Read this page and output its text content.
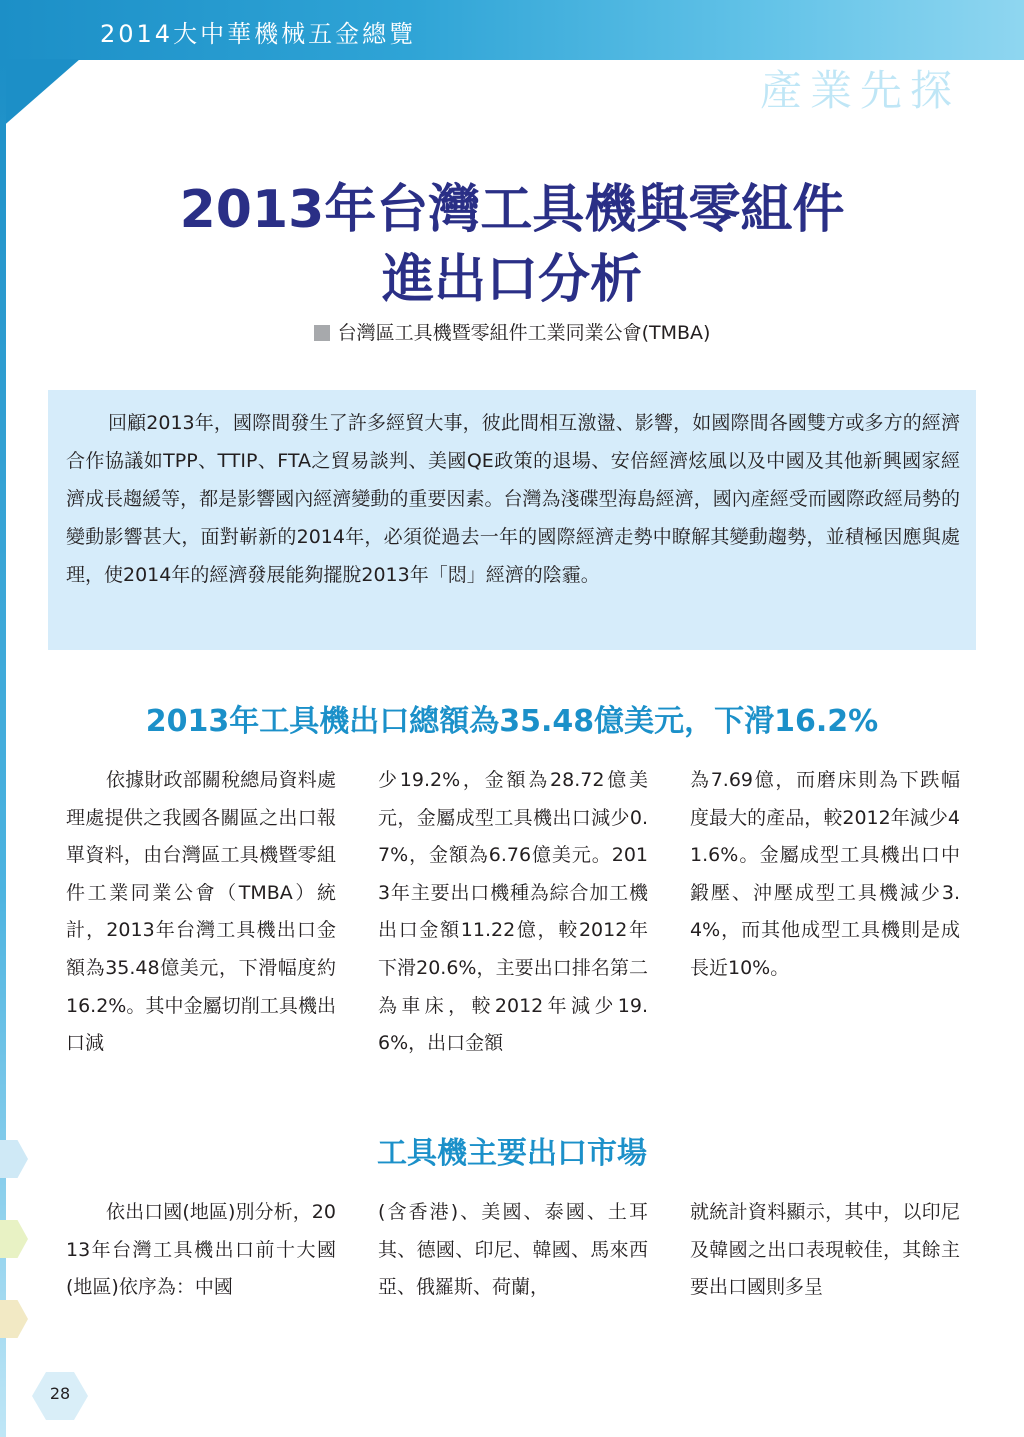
2014大中華機械五金總覽
產業先探
2013年台灣工具機與零組件
進出口分析
台灣區工具機暨零組件工業同業公會(TMBA)
回顧2013年，國際間發生了許多經貿大事，彼此間相互激盪、影響，如國際間各國雙方或多方的經濟合作協議如TPP、TTIP、FTA之貿易談判、美國QE政策的退場、安倍經濟炫風以及中國及其他新興國家經濟成長趨緩等，都是影響國內經濟變動的重要因素。台灣為淺碟型海島經濟，國內產經受而國際政經局勢的變動影響甚大，面對嶄新的2014年，必須從過去一年的國際經濟走勢中瞭解其變動趨勢，並積極因應與處理，使2014年的經濟發展能夠擺脫2013年「悶」經濟的陰霾。
2013年工具機出口總額為35.48億美元，下滑16.2%
依據財政部關稅總局資料處理處提供之我國各關區之出口報單資料，由台灣區工具機暨零組件工業同業公會（TMBA）統計，2013年台灣工具機出口金額為35.48億美元，下滑幅度約16.2%。其中金屬切削工具機出口減
少19.2%，金額為28.72億美元，金屬成型工具機出口減少0.7%，金額為6.76億美元。2013年主要出口機種為綜合加工機出口金額11.22億，較2012年下滑20.6%，主要出口排名第二為車床，較2012年減少19.6%，出口金額
為7.69億，而磨床則為下跌幅度最大的產品，較2012年減少41.6%。金屬成型工具機出口中鍛壓、沖壓成型工具機減少3.4%，而其他成型工具機則是成長近10%。
工具機主要出口市場
依出口國(地區)別分析，2013年台灣工具機出口前十大國(地區)依序為：中國
(含香港)、美國、泰國、土耳其、德國、印尼、韓國、馬來西亞、俄羅斯、荷蘭，
就統計資料顯示，其中，以印尼及韓國之出口表現較佳，其餘主要出口國則多呈
28
